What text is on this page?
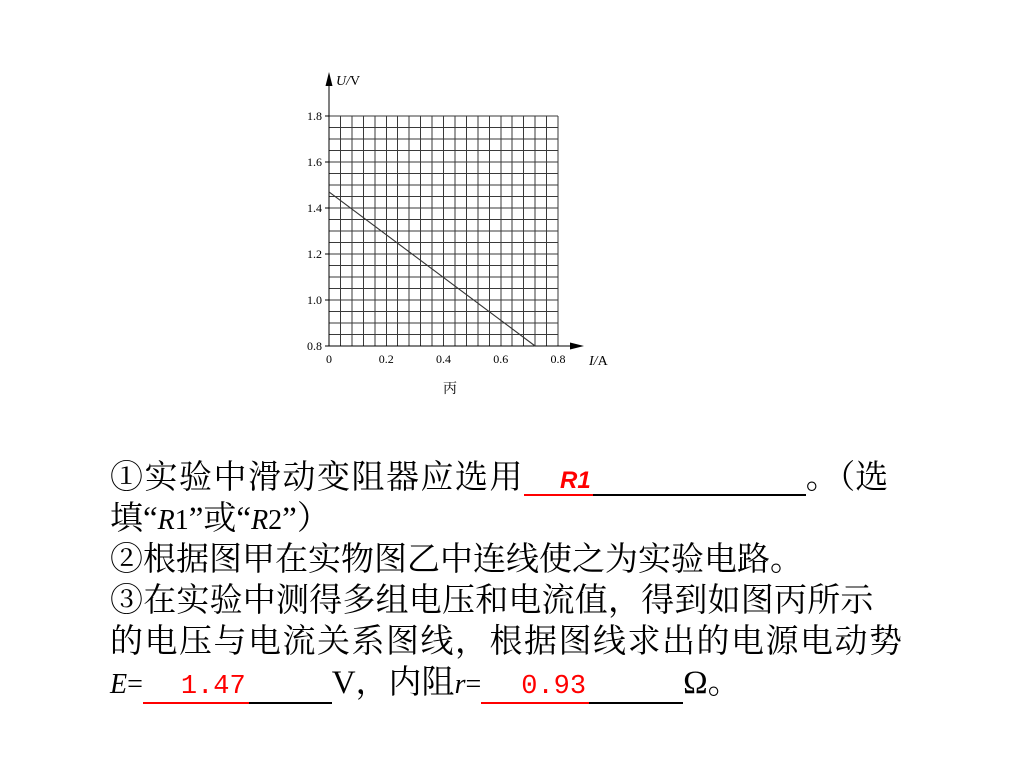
0.8
1.0
1.2
1.4
1.6
1.8
0	0.2	0.4	0.6	0.8
U/V
I/A
丙
①实验中滑动变阻器应选用 R1	。（选
填“R1”或“R2”）
②根据图甲在实物图乙中连线使之为实验电路。
③在实验中测得多组电压和电流值，得到如图丙所示
的电压与电流关系图线，根据图线求出的电源电动势
E= 1.47	V，内阻r= 0.93	Ω。
